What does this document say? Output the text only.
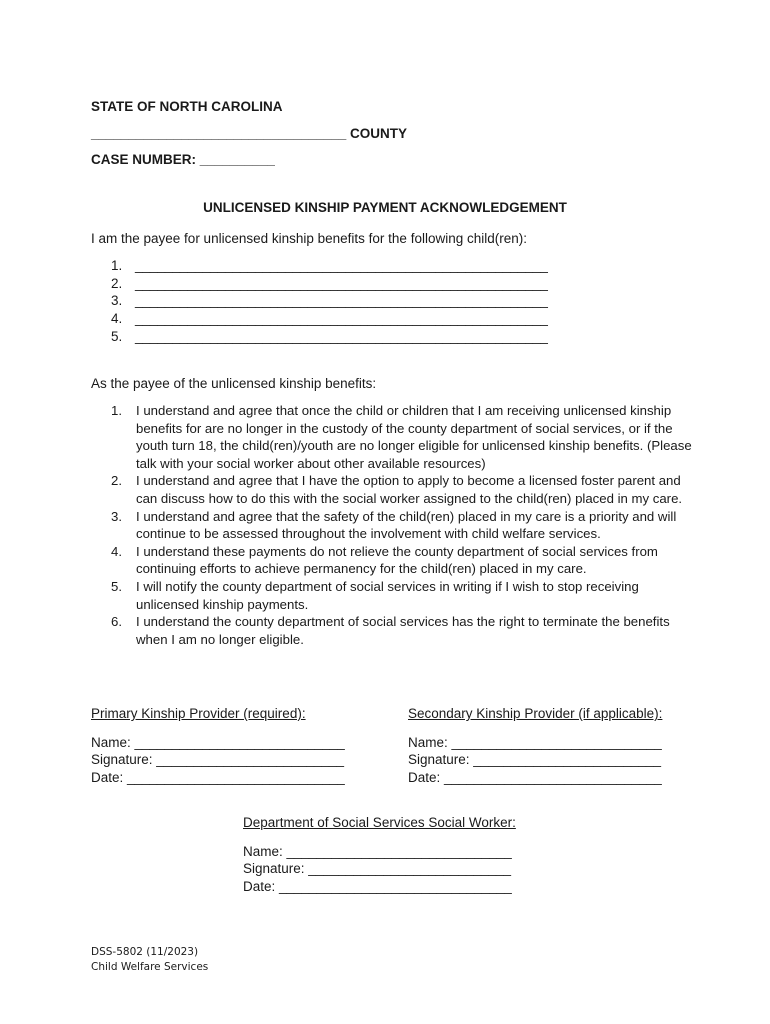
STATE OF NORTH CAROLINA
__________________________________ COUNTY
CASE NUMBER: __________
UNLICENSED KINSHIP PAYMENT ACKNOWLEDGEMENT
I am the payee for unlicensed kinship benefits for the following child(ren):
1. _______________________________________________________
2. _______________________________________________________
3. _______________________________________________________
4. _______________________________________________________
5. _______________________________________________________
As the payee of the unlicensed kinship benefits:
1.	I understand and agree that once the child or children that I am receiving unlicensed kinship benefits for are no longer in the custody of the county department of social services, or if the youth turn 18, the child(ren)/youth are no longer eligible for unlicensed kinship benefits. (Please talk with your social worker about other available resources)
2.	I understand and agree that I have the option to apply to become a licensed foster parent and can discuss how to do this with the social worker assigned to the child(ren) placed in my care.
3.	I understand and agree that the safety of the child(ren) placed in my care is a priority and will continue to be assessed throughout the involvement with child welfare services.
4.	I understand these payments do not relieve the county department of social services from continuing efforts to achieve permanency for the child(ren) placed in my care.
5.	I will notify the county department of social services in writing if I wish to stop receiving unlicensed kinship payments.
6.	I understand the county department of social services has the right to terminate the benefits when I am no longer eligible.
Primary Kinship Provider (required):
Name: ____________________________
Signature: _________________________
Date: _____________________________
Secondary Kinship Provider (if applicable):
Name: ____________________________
Signature: _________________________
Date: _____________________________
Department of Social Services Social Worker:
Name: ______________________________
Signature: ___________________________
Date: _______________________________
DSS-5802 (11/2023)
Child Welfare Services
